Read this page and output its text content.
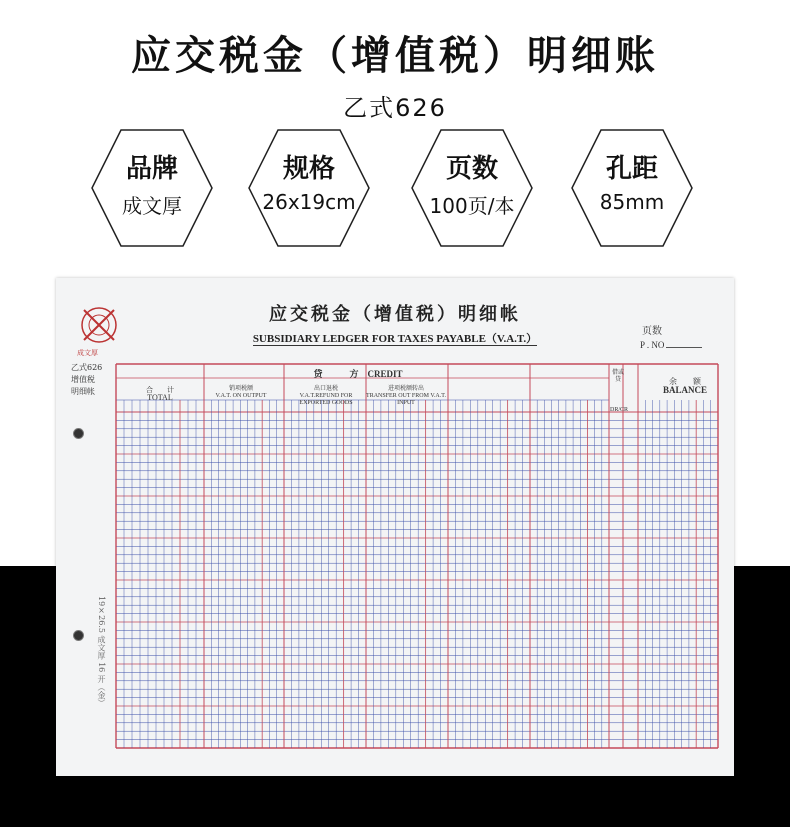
应交税金（增值税）明细账
乙式626
品牌
成文厚
规格
26x19cm
页数
100页/本
孔距
85mm
成文厚
乙式626
增值税
明细帐
应交税金（增值税）明细帐
SUBSIDIARY LEDGER FOR TAXES PAYABLE（V.A.T.）
页数
P . NO
贷　　　方　 CREDIT
合　　计
TOTAL
销项税额
V.A.T. ON OUTPUT
出口退税
V.A.T.REFUND FOR EXPORTED GOODS
进项税额转出
TRANSFER OUT FROM V.A.T. INPUT
借或贷
DR/CR
余　　额
BALANCE
19×26.5 成文厚 16 开（金）
